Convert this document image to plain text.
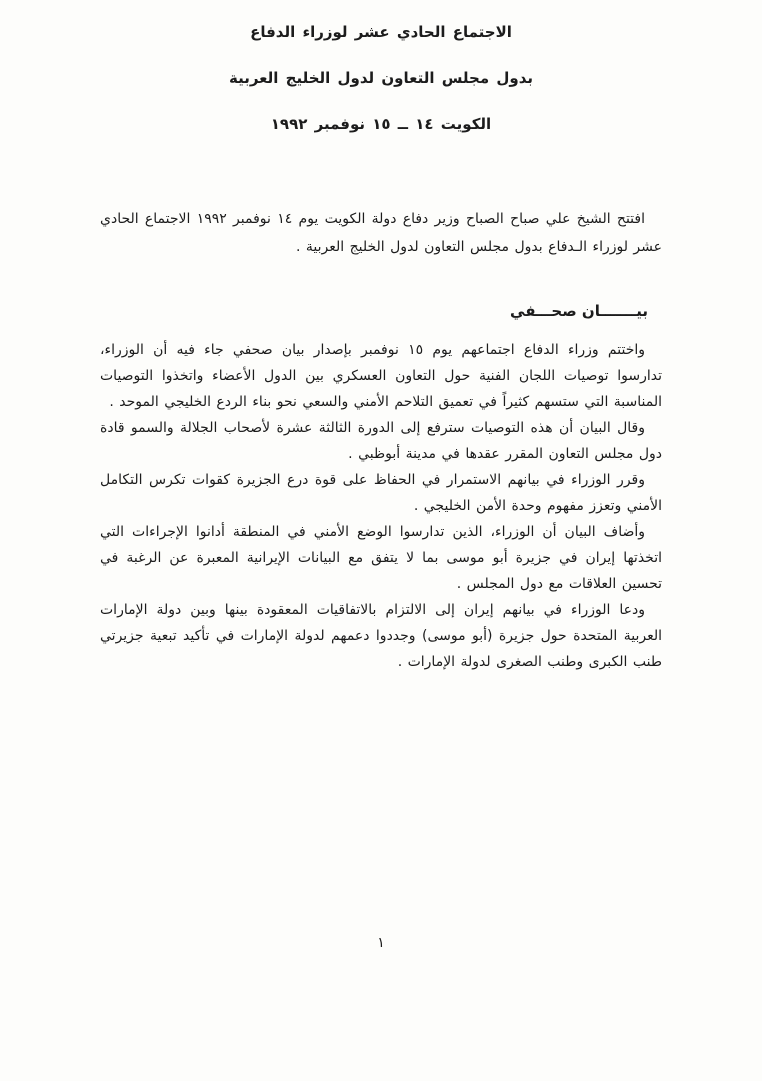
الاجتماع الحادي عشر لوزراء الدفاع
بدول مجلس التعاون لدول الخليج العربية
الكويت ١٤ ــ ١٥ نوفمبر ١٩٩٢

افتتح الشيخ علي صباح الصباح وزير دفاع دولة الكويت يوم ١٤ نوفمبر ١٩٩٢ الاجتماع الحادي عشر لوزراء الـدفاع بدول مجلس التعاون لدول الخليج العربية .

بيـــــــان صحـــفي

واختتم وزراء الدفاع اجتماعهم يوم ١٥ نوفمبر بإصدار بيان صحفي جاء فيه أن الوزراء، تدارسوا توصيات اللجان الفنية حول التعاون العسكري بين الدول الأعضاء واتخذوا التوصيات المناسبة التي ستسهم كثيراً في تعميق التلاحم الأمني والسعي نحو بناء الردع الخليجي الموحد .

وقال البيان أن هذه التوصيات سترفع إلى الدورة الثالثة عشرة لأصحاب الجلالة والسمو قادة دول مجلس التعاون المقرر عقدها في مدينة أبوظبي .

وقرر الوزراء في بيانهم الاستمرار في الحفاظ على قوة درع الجزيرة كقوات تكرس التكامل الأمني وتعزز مفهوم وحدة الأمن الخليجي .

وأضاف البيان أن الوزراء، الذين تدارسوا الوضع الأمني في المنطقة أدانوا الإجراءات التي اتخذتها إيران في جزيرة أبو موسى بما لا يتفق مع البيانات الإيرانية المعبرة عن الرغبة في تحسين العلاقات مع دول المجلس .

ودعا الوزراء في بيانهم إيران إلى الالتزام بالاتفاقيات المعقودة بينها وبين دولة الإمارات العربية المتحدة حول جزيرة (أبو موسى) وجددوا دعمهم لدولة الإمارات في تأكيد تبعية جزيرتي طنب الكبرى وطنب الصغرى لدولة الإمارات .

١
